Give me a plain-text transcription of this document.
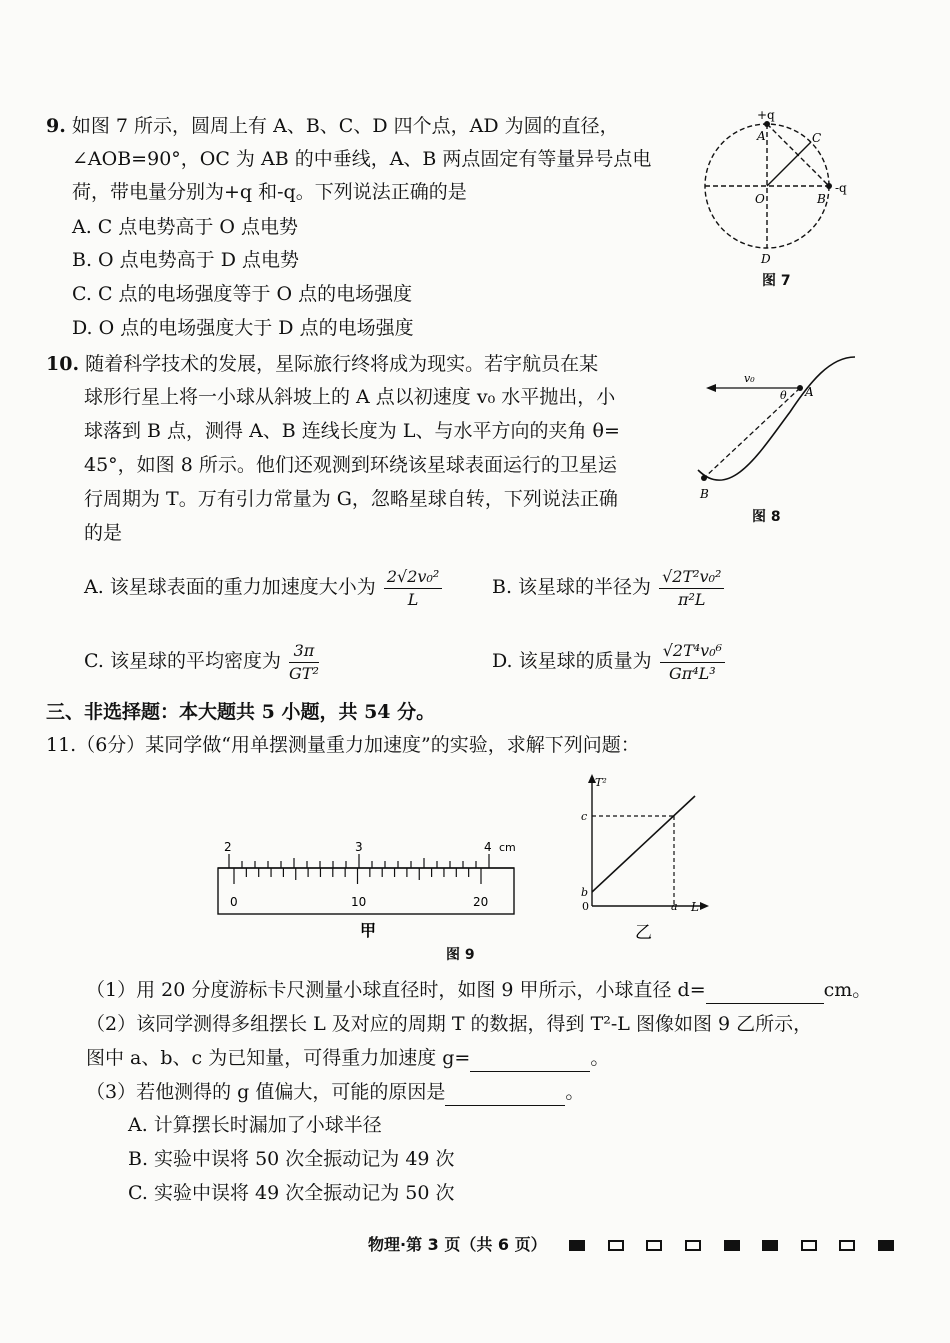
9. 如图 7 所示，圆周上有 A、B、C、D 四个点，AD 为圆的直径，
∠AOB=90°，OC 为 AB 的中垂线，A、B 两点固定有等量异号点电
荷，带电量分别为+q 和-q。下列说法正确的是
A. C 点电势高于 O 点电势
B. O 点电势高于 D 点电势
C. C 点的电场强度等于 O 点的电场强度
D. O 点的电场强度大于 D 点的电场强度
+q
A	C
O	B
-q
D
图 7
10. 随着科学技术的发展，星际旅行终将成为现实。若宇航员在某
球形行星上将一小球从斜坡上的 A 点以初速度 v₀ 水平抛出，小
球落到 B 点，测得 A、B 连线长度为 L、与水平方向的夹角 θ=
45°，如图 8 所示。他们还观测到环绕该星球表面运行的卫星运
行周期为 T。万有引力常量为 G，忽略星球自转，下列说法正确
的是
v₀
θ A
B
图 8
A. 该星球表面的重力加速度大小为 $\frac{\text{2√2v₀²}}{L}$	B. 该星球的半径为 $\frac{\text{√2T²v₀²}}{\text{π²L}}$
C. 该星球的平均密度为 $\frac{3\pi}{\text{GT²}}$	D. 该星球的质量为 $\frac{\text{√2T⁴v₀⁶}}{\text{Gπ⁴L³}}$
三、非选择题：本大题共 5 小题，共 54 分。
11.（6分）某同学做“用单摆测量重力加速度”的实验，求解下列问题：
2	3	4 cm
0	10	20
甲
T²
c
b
0	a L
乙
图 9
（1）用 20 分度游标卡尺测量小球直径时，如图 9 甲所示，小球直径 d=	cm。
（2）该同学测得多组摆长 L 及对应的周期 T 的数据，得到 T²-L 图像如图 9 乙所示，
图中 a、b、c 为已知量，可得重力加速度 g=	。
（3）若他测得的 g 值偏大，可能的原因是	。
A. 计算摆长时漏加了小球半径
B. 实验中误将 50 次全振动记为 49 次
C. 实验中误将 49 次全振动记为 50 次
物理·第 3 页（共 6 页）
